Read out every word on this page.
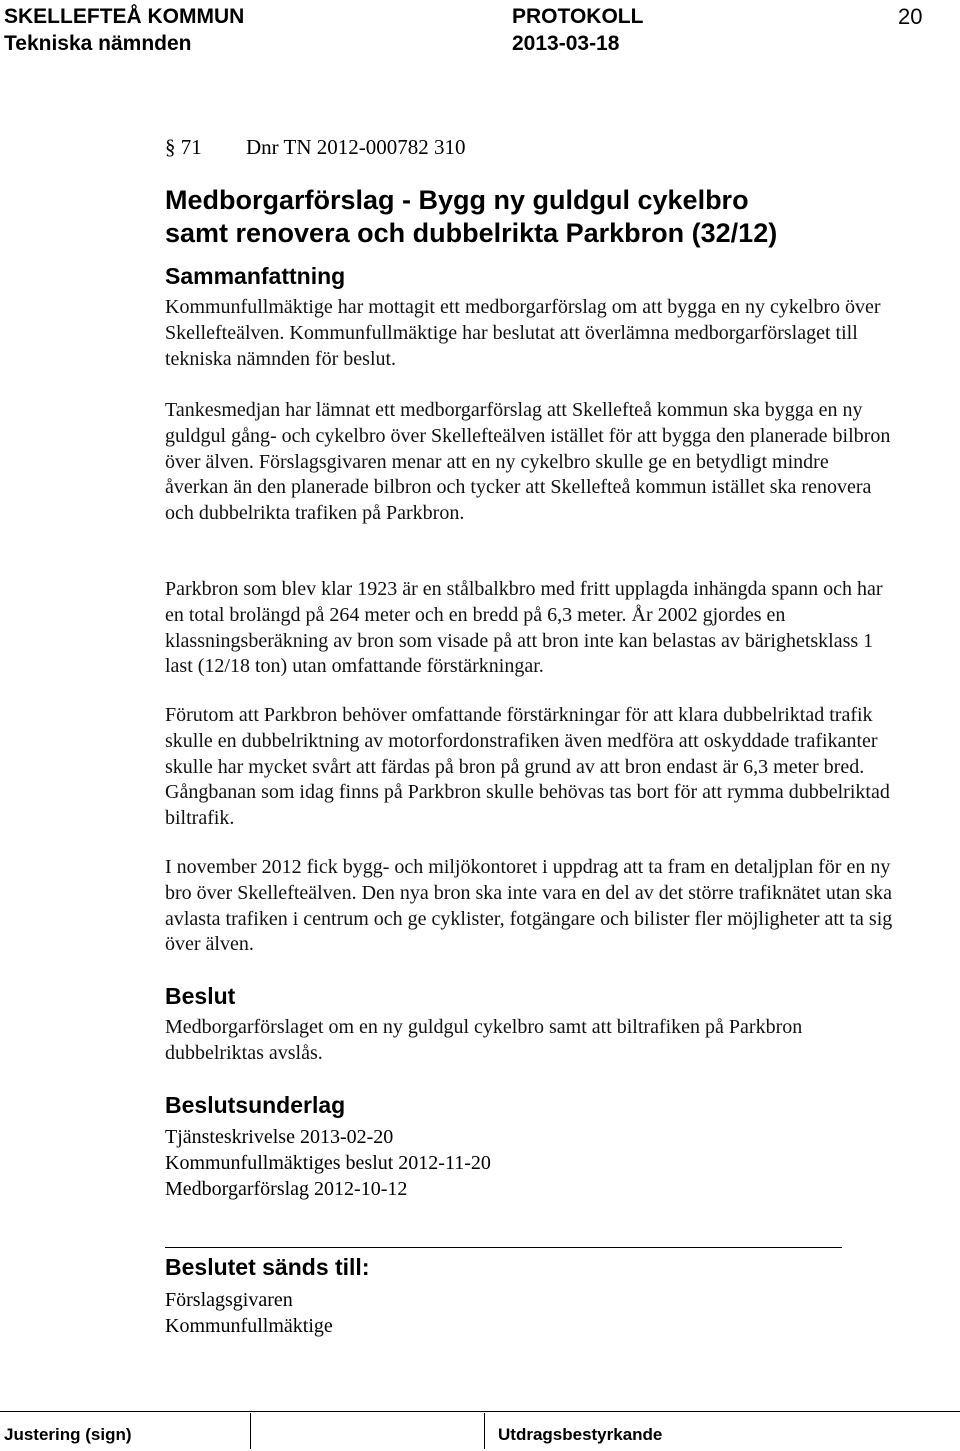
SKELLEFTEÅ KOMMUN
Tekniska nämnden
PROTOKOLL
2013-03-18
20
§ 71 Dnr TN 2012-000782 310
Medborgarförslag - Bygg ny guldgul cykelbro
samt renovera och dubbelrikta Parkbron (32/12)
Sammanfattning

Kommunfullmäktige har mottagit ett medborgarförslag om att bygga en ny cykelbro över Skellefteälven. Kommunfullmäktige har beslutat att överlämna medborgarförslaget till tekniska nämnden för beslut.

Tankesmedjan har lämnat ett medborgarförslag att Skellefteå kommun ska bygga en ny guldgul gång- och cykelbro över Skellefteälven istället för att bygga den planerade bilbron över älven. Förslagsgivaren menar att en ny cykelbro skulle ge en betydligt mindre åverkan än den planerade bilbron och tycker att Skellefteå kommun istället ska renovera och dubbelrikta trafiken på Parkbron.

Parkbron som blev klar 1923 är en stålbalkbro med fritt upplagda inhängda spann och har en total brolängd på 264 meter och en bredd på 6,3 meter. År 2002 gjordes en klassningsberäkning av bron som visade på att bron inte kan belastas av bärighetsklass 1 last (12/18 ton) utan omfattande förstärkningar.

Förutom att Parkbron behöver omfattande förstärkningar för att klara dubbelriktad trafik skulle en dubbelriktning av motorfordonstrafiken även medföra att oskyddade trafikanter skulle har mycket svårt att färdas på bron på grund av att bron endast är 6,3 meter bred. Gångbanan som idag finns på Parkbron skulle behövas tas bort för att rymma dubbelriktad biltrafik.

I november 2012 fick bygg- och miljökontoret i uppdrag att ta fram en detaljplan för en ny bro över Skellefteälven. Den nya bron ska inte vara en del av det större trafiknätet utan ska avlasta trafiken i centrum och ge cyklister, fotgängare och bilister fler möjligheter att ta sig över älven.

Beslut

Medborgarförslaget om en ny guldgul cykelbro samt att biltrafiken på Parkbron dubbelriktas avslås.

Beslutsunderlag
Tjänsteskrivelse 2013-02-20
Kommunfullmäktiges beslut 2012-11-20
Medborgarförslag 2012-10-12
Beslutet sänds till:
Förslagsgivaren
Kommunfullmäktige
Justering (sign)	Utdragsbestyrkande
